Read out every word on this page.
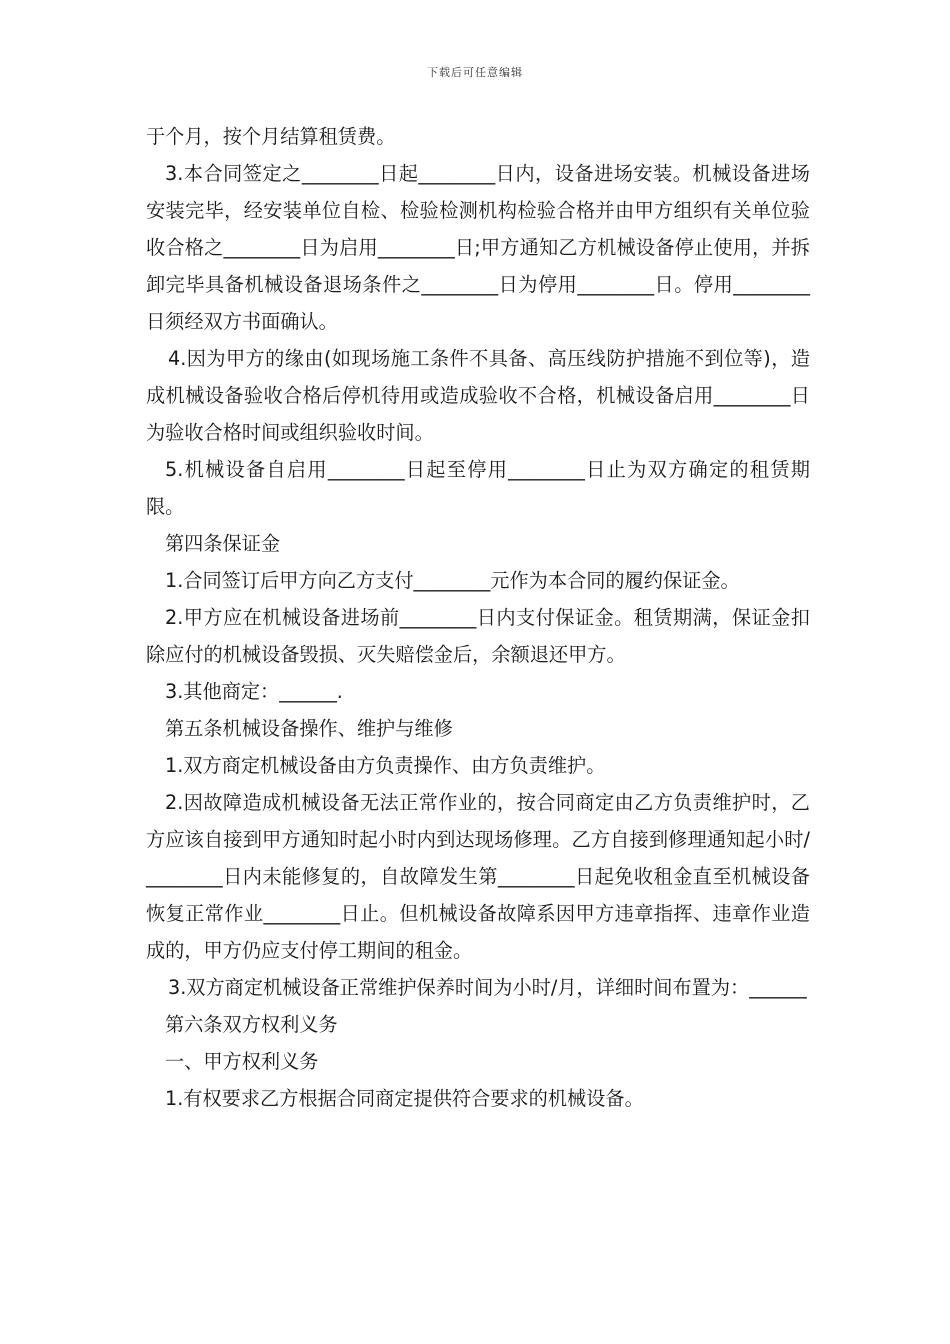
下载后可任意编辑

于个月，按个月结算租赁费。

3.本合同签定之________日起________日内，设备进场安装。机械设备进场安装完毕，经安装单位自检、检验检测机构检验合格并由甲方组织有关单位验收合格之________日为启用________日;甲方通知乙方机械设备停止使用，并拆卸完毕具备机械设备退场条件之________日为停用________日。停用________日须经双方书面确认。

4.因为甲方的缘由(如现场施工条件不具备、高压线防护措施不到位等)，造成机械设备验收合格后停机待用或造成验收不合格，机械设备启用________日为验收合格时间或组织验收时间。

5.机械设备自启用________日起至停用________日止为双方确定的租赁期限。

第四条保证金

1.合同签订后甲方向乙方支付________元作为本合同的履约保证金。

2.甲方应在机械设备进场前________日内支付保证金。租赁期满，保证金扣除应付的机械设备毁损、灭失赔偿金后，余额退还甲方。

3.其他商定：______.

第五条机械设备操作、维护与维修

1.双方商定机械设备由方负责操作、由方负责维护。

2.因故障造成机械设备无法正常作业的，按合同商定由乙方负责维护时，乙方应该自接到甲方通知时起小时内到达现场修理。乙方自接到修理通知起小时/________日内未能修复的，自故障发生第________日起免收租金直至机械设备恢复正常作业________日止。但机械设备故障系因甲方违章指挥、违章作业造成的，甲方仍应支付停工期间的租金。

3.双方商定机械设备正常维护保养时间为小时/月，详细时间布置为：______

第六条双方权利义务

一、甲方权利义务

1.有权要求乙方根据合同商定提供符合要求的机械设备。
